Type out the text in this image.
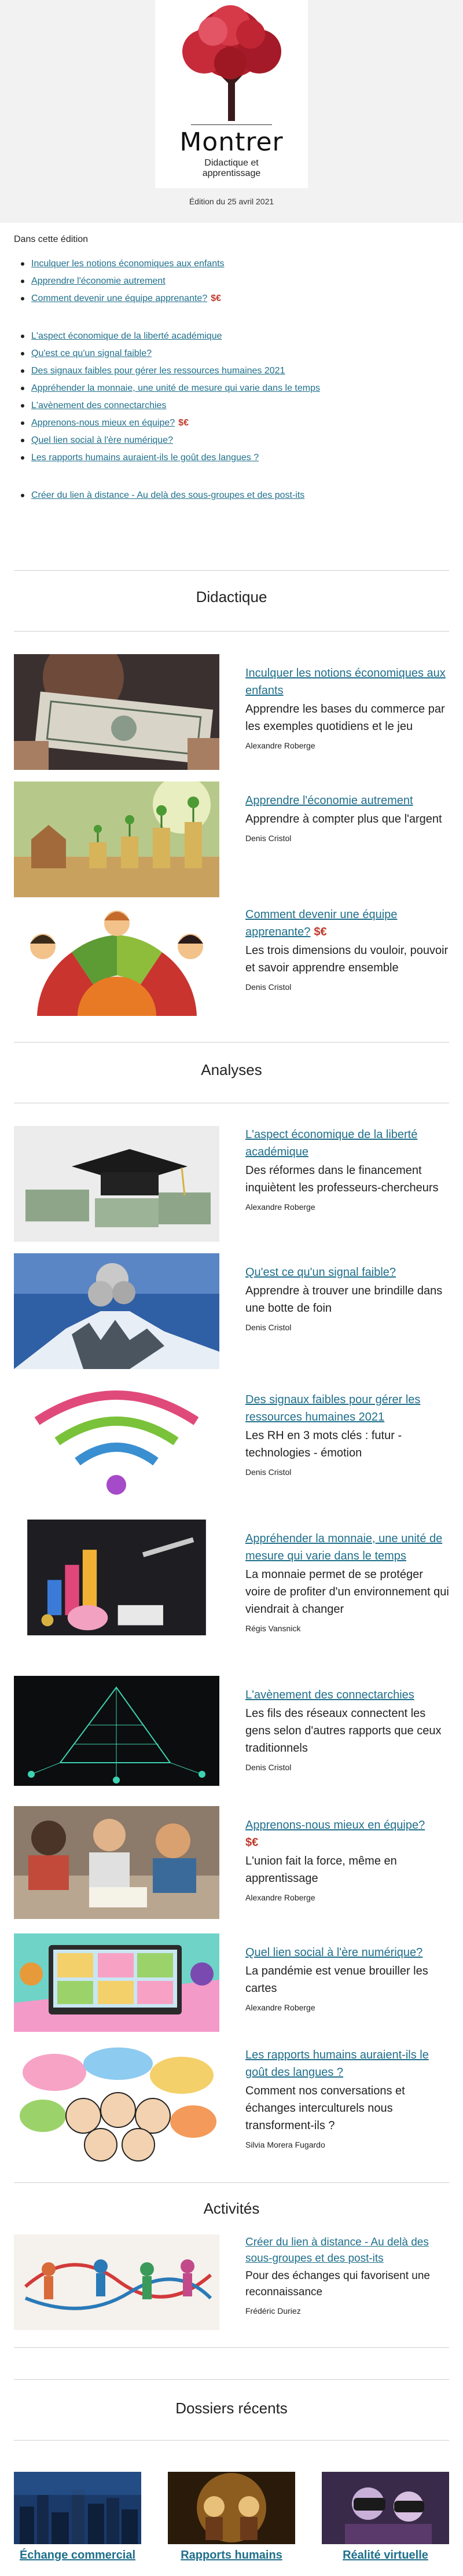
Montrer
Didactique et
apprentissage
Édition du 25 avril 2021
Dans cette édition
Inculquer les notions économiques aux enfants
Apprendre l'économie autrement
Comment devenir une équipe apprenante? $€
L'aspect économique de la liberté académique
Qu'est ce qu'un signal faible?
Des signaux faibles pour gérer les ressources humaines 2021
Appréhender la monnaie, une unité de mesure qui varie dans le temps
L'avènement des connectarchies
Apprenons-nous mieux en équipe? $€
Quel lien social à l'ère numérique?
Les rapports humains auraient-ils le goût des langues ?
Créer du lien à distance - Au delà des sous-groupes et des post-its
Didactique
Inculquer les notions économiques aux enfants
Apprendre les bases du commerce par les exemples quotidiens et le jeu
Alexandre Roberge
Apprendre l'économie autrement
Apprendre à compter plus que l'argent
Denis Cristol
Comment devenir une équipe apprenante? $€
Les trois dimensions du vouloir, pouvoir et savoir apprendre ensemble
Denis Cristol
Analyses
L'aspect économique de la liberté académique
Des réformes dans le financement inquiètent les professeurs-chercheurs
Alexandre Roberge
Qu'est ce qu'un signal faible?
Apprendre à trouver une brindille dans une botte de foin
Denis Cristol
Des signaux faibles pour gérer les ressources humaines 2021
Les RH en 3 mots clés : futur - technologies - émotion
Denis Cristol
Appréhender la monnaie, une unité de mesure qui varie dans le temps
La monnaie permet de se protéger voire de profiter d'un environnement qui viendrait à changer
Régis Vansnick
L'avènement des connectarchies
Les fils des réseaux connectent les gens selon d'autres rapports que ceux traditionnels
Denis Cristol
Apprenons-nous mieux en équipe?
$€
L'union fait la force, même en apprentissage
Alexandre Roberge
Quel lien social à l'ère numérique?
La pandémie est venue brouiller les cartes
Alexandre Roberge
Les rapports humains auraient-ils le goût des langues ?
Comment nos conversations et échanges interculturels nous transforment-ils ?
Silvia Morera Fugardo
Activités
Créer du lien à distance - Au delà des sous-groupes et des post-its
Pour des échanges qui favorisent une reconnaissance
Frédéric Duriez
Dossiers récents
Échange commercial	Rapports humains	Réalité virtuelle
